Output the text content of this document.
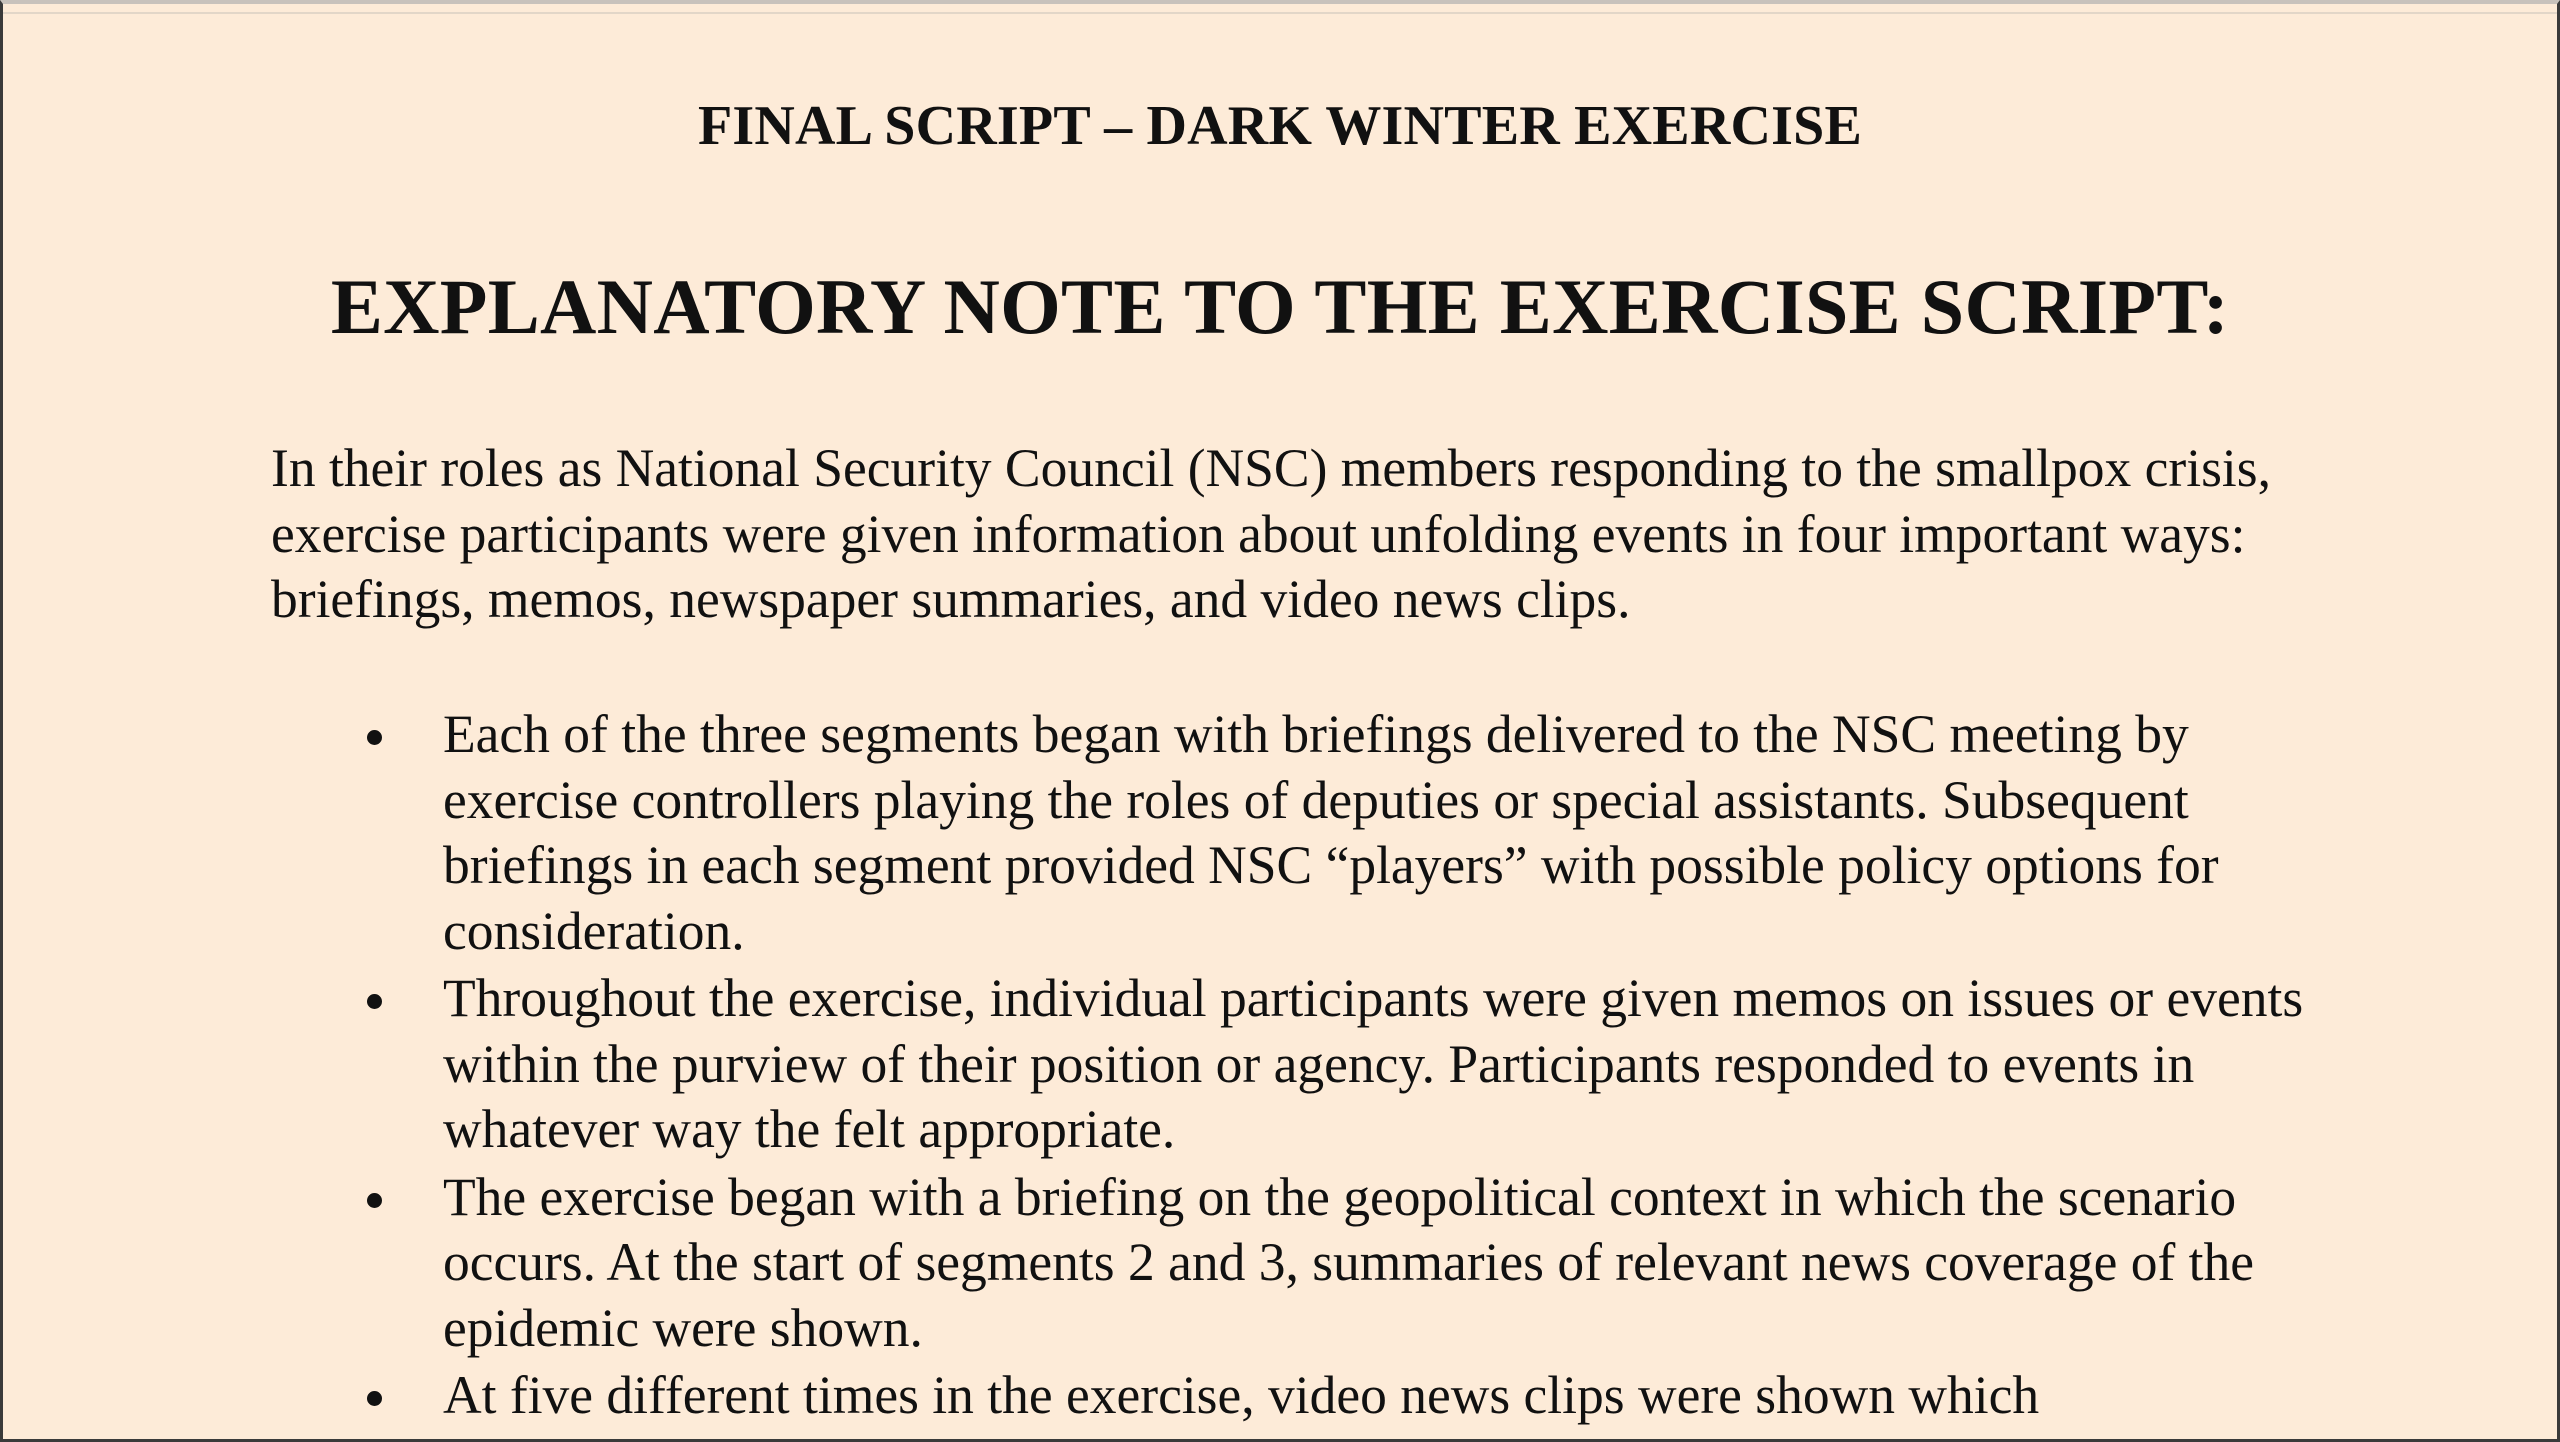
FINAL SCRIPT – DARK WINTER EXERCISE
EXPLANATORY NOTE TO THE EXERCISE SCRIPT:

In their roles as National Security Council (NSC) members responding to the smallpox crisis, exercise participants were given information about unfolding events in four important ways: briefings, memos, newspaper summaries, and video news clips.

Each of the three segments began with briefings delivered to the NSC meeting by exercise controllers playing the roles of deputies or special assistants. Subsequent briefings in each segment provided NSC “players” with possible policy options for consideration.
Throughout the exercise, individual participants were given memos on issues or events within the purview of their position or agency. Participants responded to events in whatever way the felt appropriate.
The exercise began with a briefing on the geopolitical context in which the scenario occurs. At the start of segments 2 and 3, summaries of relevant news coverage of the epidemic were shown.
At five different times in the exercise, video news clips were shown which
